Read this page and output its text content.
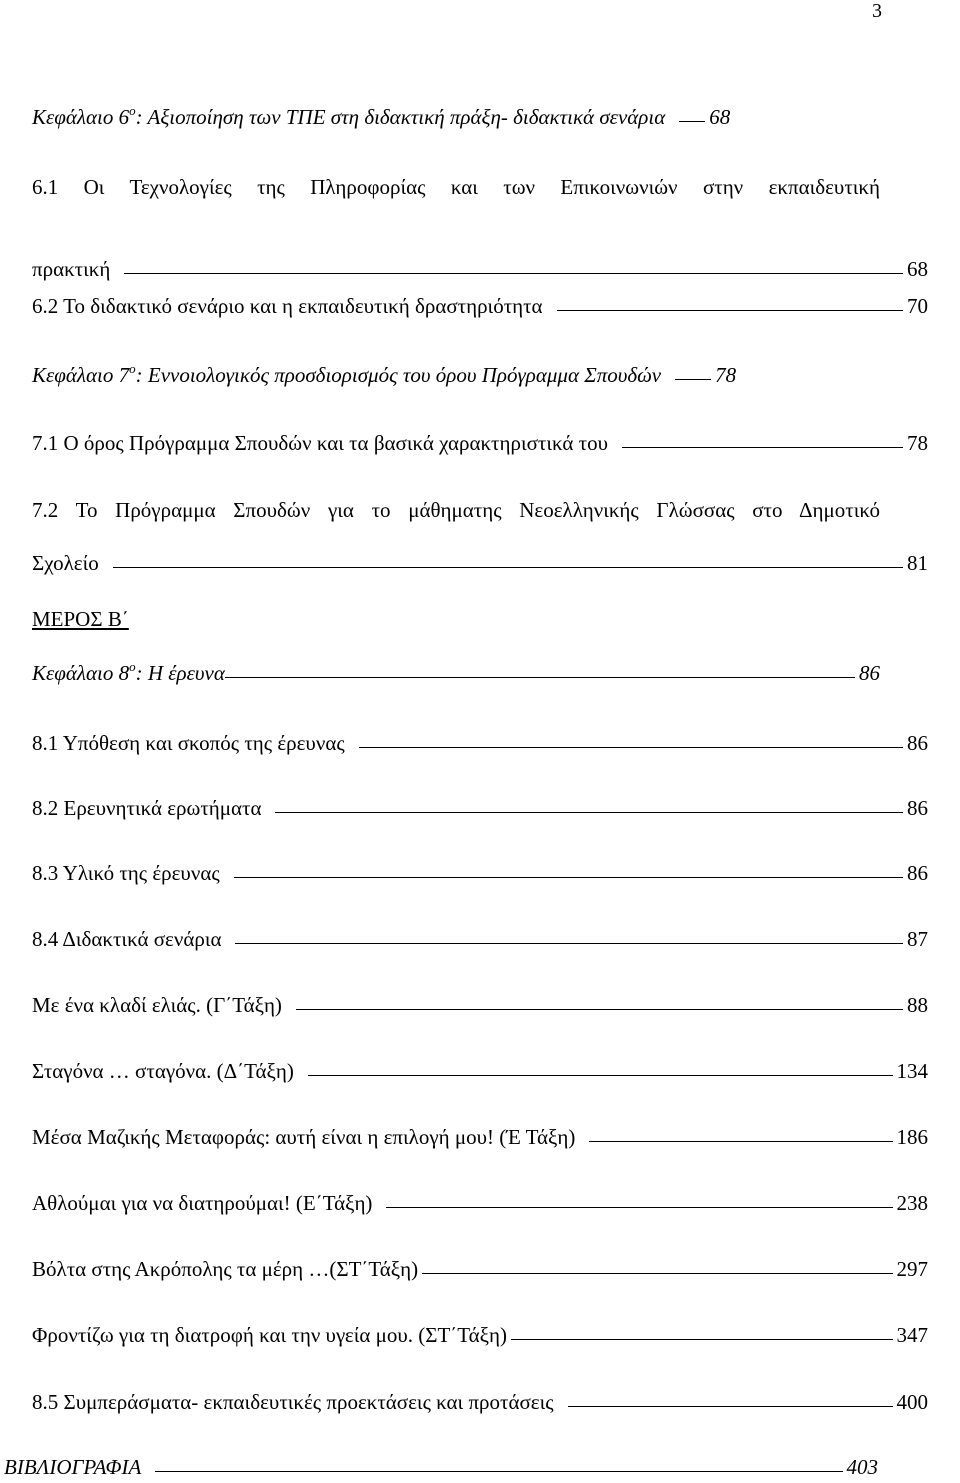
3
Κεφάλαιο $6^o$: Αξιοποίηση των ΤΠΕ στη διδακτική πράξη- διδακτικά σενάρια 68
6.1 Οι Τεχνολογίες της Πληροφορίας και των Επικοινωνιών στην εκπαιδευτική
πρακτική	68
6.2 Το διδακτικό σενάριο και η εκπαιδευτική δραστηριότητα	70
Κεφάλαιο $7^o$: Εννοιολογικός προσδιορισμός του όρου Πρόγραμμα Σπουδών	78
7.1 Ο όρος Πρόγραμμα Σπουδών και τα βασικά χαρακτηριστικά του	78
7.2 Το Πρόγραμμα Σπουδών για το μάθηματης Νεοελληνικής Γλώσσας στο Δημοτικό
Σχολείο	81
ΜΕΡΟΣ Β΄
Κεφάλαιο $8^o$: Η έρευνα	86
8.1 Υπόθεση και σκοπός της έρευνας	86
8.2 Ερευνητικά ερωτήματα	86
8.3 Υλικό της έρευνας	86
8.4 Διδακτικά σενάρια	87
Με ένα κλαδί ελιάς. (Γ΄Τάξη)	88
Σταγόνα … σταγόνα. (Δ΄Τάξη)	134
Μέσα Μαζικής Μεταφοράς: αυτή είναι η επιλογή μου! (Έ Τάξη)	186
Αθλούμαι για να διατηρούμαι! (Ε΄Τάξη)	238
Βόλτα στης Ακρόπολης τα μέρη …(ΣΤ΄Τάξη)	297
Φροντίζω για τη διατροφή και την υγεία μου. (ΣΤ΄Τάξη)	347
8.5 Συμπεράσματα- εκπαιδευτικές προεκτάσεις και προτάσεις	400
ΒΙΒΛΙΟΓΡΑΦΙΑ	403
